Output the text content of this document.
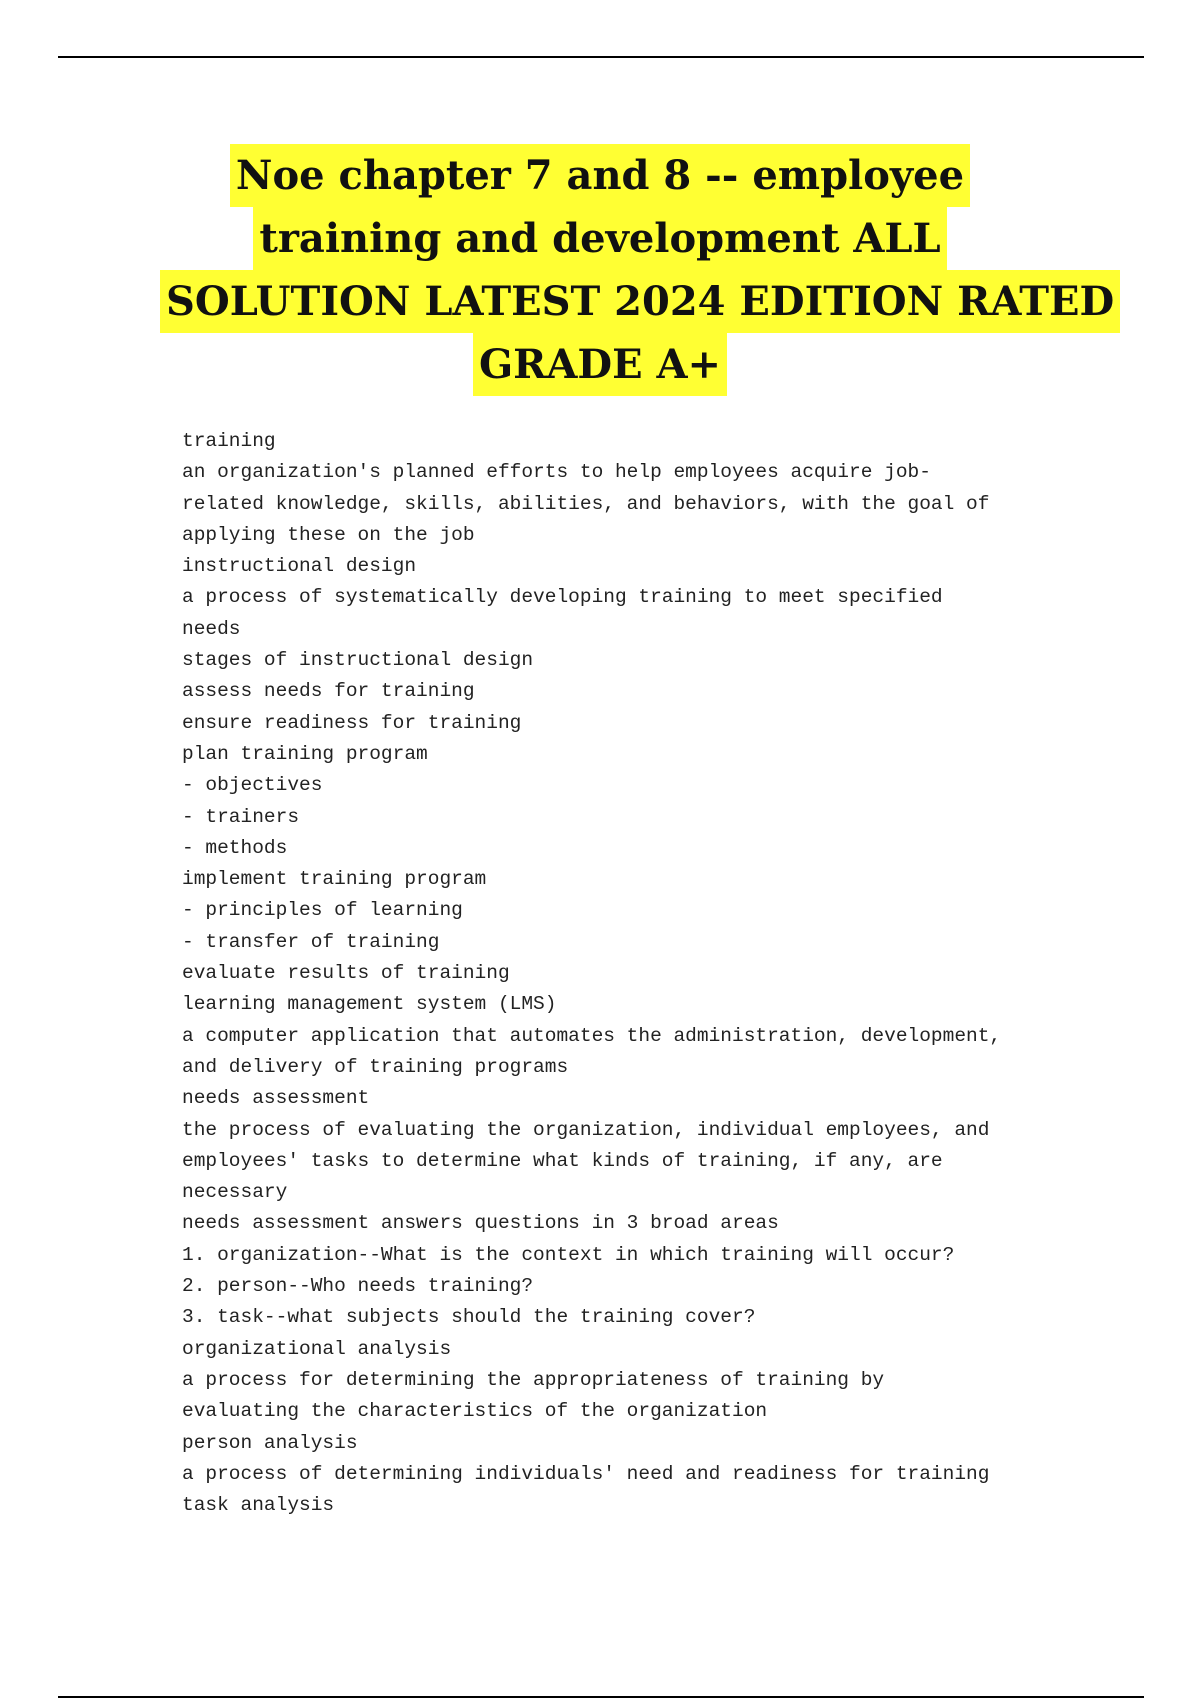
Noe chapter 7 and 8 -- employee
training and development ALL
SOLUTION LATEST 2024 EDITION RATED
GRADE A+
training
an organization's planned efforts to help employees acquire job-
related knowledge, skills, abilities, and behaviors, with the goal of
applying these on the job
instructional design
a process of systematically developing training to meet specified
needs
stages of instructional design
assess needs for training
ensure readiness for training
plan training program
- objectives
- trainers
- methods
implement training program
- principles of learning
- transfer of training
evaluate results of training
learning management system (LMS)
a computer application that automates the administration, development,
and delivery of training programs
needs assessment
the process of evaluating the organization, individual employees, and
employees' tasks to determine what kinds of training, if any, are
necessary
needs assessment answers questions in 3 broad areas
1. organization--What is the context in which training will occur?
2. person--Who needs training?
3. task--what subjects should the training cover?
organizational analysis
a process for determining the appropriateness of training by
evaluating the characteristics of the organization
person analysis
a process of determining individuals' need and readiness for training
task analysis
